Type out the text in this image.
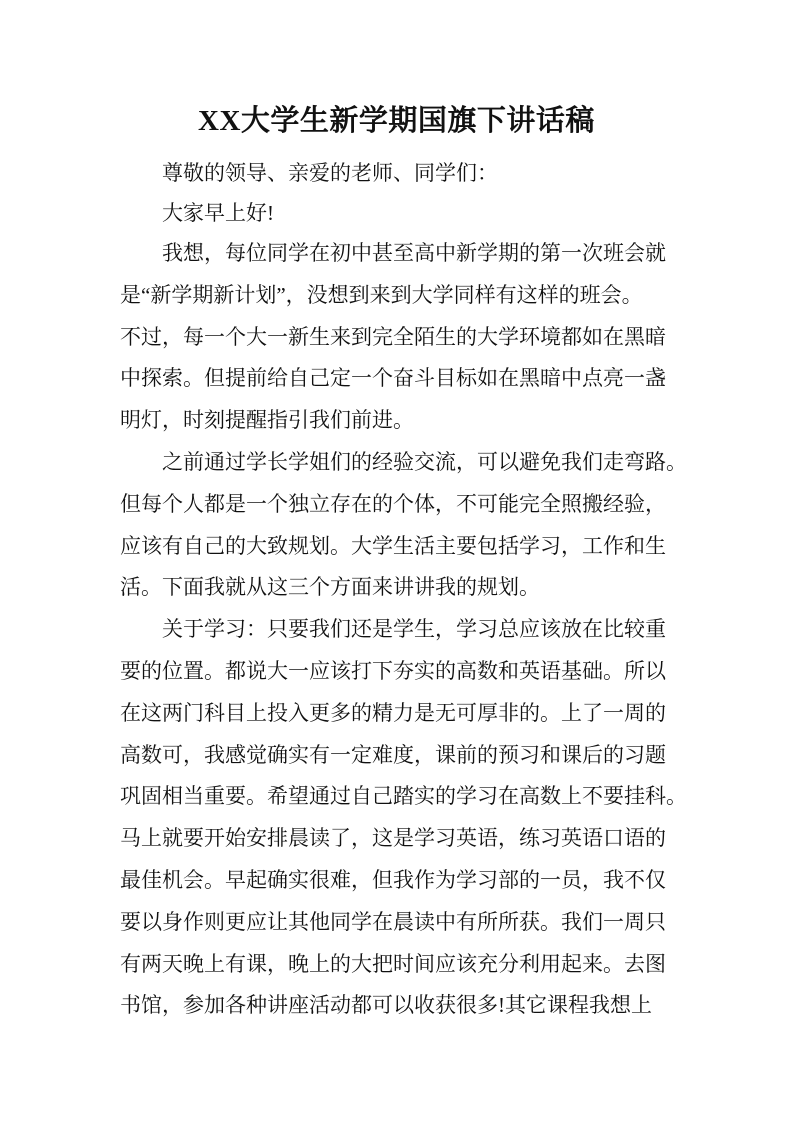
XX大学生新学期国旗下讲话稿
尊敬的领导、亲爱的老师、同学们：
大家早上好!
我想，每位同学在初中甚至高中新学期的第一次班会就
是“新学期新计划”，没想到来到大学同样有这样的班会。
不过，每一个大一新生来到完全陌生的大学环境都如在黑暗
中探索。但提前给自己定一个奋斗目标如在黑暗中点亮一盏
明灯，时刻提醒指引我们前进。
之前通过学长学姐们的经验交流，可以避免我们走弯路。
但每个人都是一个独立存在的个体，不可能完全照搬经验，
应该有自己的大致规划。大学生活主要包括学习，工作和生
活。下面我就从这三个方面来讲讲我的规划。
关于学习：只要我们还是学生，学习总应该放在比较重
要的位置。都说大一应该打下夯实的高数和英语基础。所以
在这两门科目上投入更多的精力是无可厚非的。上了一周的
高数可，我感觉确实有一定难度，课前的预习和课后的习题
巩固相当重要。希望通过自己踏实的学习在高数上不要挂科。
马上就要开始安排晨读了，这是学习英语，练习英语口语的
最佳机会。早起确实很难，但我作为学习部的一员，我不仅
要以身作则更应让其他同学在晨读中有所所获。我们一周只
有两天晚上有课，晚上的大把时间应该充分利用起来。去图
书馆，参加各种讲座活动都可以收获很多!其它课程我想上
